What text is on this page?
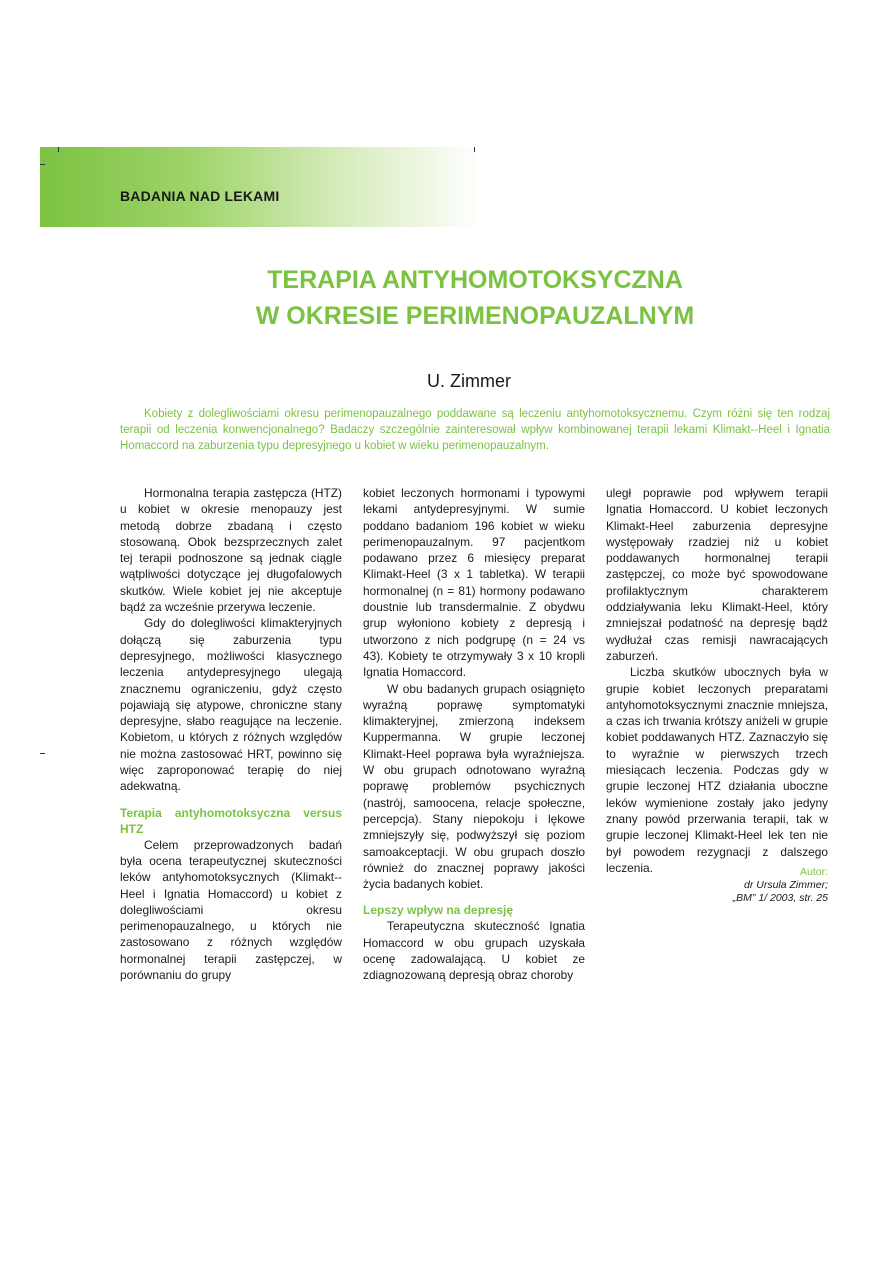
BADANIA NAD LEKAMI
TERAPIA ANTYHOMOTOKSYCZNA
W OKRESIE PERIMENOPAUZALNYM
U. Zimmer

Kobiety z dolegliwościami okresu perimenopauzalnego poddawane są leczeniu antyhomotoksycznemu. Czym różni się ten rodzaj terapii od leczenia konwencjonalnego? Badaczy szczególnie zainteresował wpływ kombinowanej terapii lekami Klimakt--Heel i Ignatia Homaccord na zaburzenia typu depresyjnego u kobiet w wieku perimenopauzalnym.

Hormonalna terapia zastępcza (HTZ) u kobiet w okresie menopauzy jest metodą dobrze zbadaną i często stosowaną. Obok bezsprzecznych zalet tej terapii podnoszone są jednak ciągle wątpliwości dotyczące jej długofalowych skutków. Wiele kobiet jej nie akceptuje bądź za wcześnie przerywa leczenie.

Gdy do dolegliwości klimakteryjnych dołączą się zaburzenia typu depresyjnego, możliwości klasycznego leczenia antydepresyjnego ulegają znacznemu ograniczeniu, gdyż często pojawiają się atypowe, chroniczne stany depresyjne, słabo reagujące na leczenie. Kobietom, u których z różnych względów nie można zastosować HRT, powinno się więc zaproponować terapię do niej adekwatną.

Terapia antyhomotoksyczna versus HTZ

Celem przeprowadzonych badań była ocena terapeutycznej skuteczności leków antyhomotoksycznych (Klimakt--Heel i Ignatia Homaccord) u kobiet z dolegliwościami okresu perimenopauzalnego, u których nie zastosowano z różnych względów hormonalnej terapii zastępczej, w porównaniu do grupy

kobiet leczonych hormonami i typowymi lekami antydepresyjnymi. W sumie poddano badaniom 196 kobiet w wieku perimenopauzalnym. 97 pacjentkom podawano przez 6 miesięcy preparat Klimakt-Heel (3 x 1 tabletka). W terapii hormonalnej (n = 81) hormony podawano doustnie lub transdermalnie. Z obydwu grup wyłoniono kobiety z depresją i utworzono z nich podgrupę (n = 24 vs 43). Kobiety te otrzymywały 3 x 10 kropli Ignatia Homaccord.

W obu badanych grupach osiągnięto wyraźną poprawę symptomatyki klimakteryjnej, zmierzoną indeksem Kuppermanna. W grupie leczonej Klimakt-Heel poprawa była wyraźniejsza. W obu grupach odnotowano wyraźną poprawę problemów psychicznych (nastrój, samoocena, relacje społeczne, percepcja). Stany niepokoju i lękowe zmniejszyły się, podwyższył się poziom samoakceptacji. W obu grupach doszło również do znacznej poprawy jakości życia badanych kobiet.

Lepszy wpływ na depresję

Terapeutyczna skuteczność Ignatia Homaccord w obu grupach uzyskała ocenę zadowalającą. U kobiet ze zdiagnozowaną depresją obraz choroby

uległ poprawie pod wpływem terapii Ignatia Homaccord. U kobiet leczonych Klimakt-Heel zaburzenia depresyjne występowały rzadziej niż u kobiet poddawanych hormonalnej terapii zastępczej, co może być spowodowane profilaktycznym charakterem oddziaływania leku Klimakt-Heel, który zmniejszał podatność na depresję bądź wydłużał czas remisji nawracających zaburzeń.

Liczba skutków ubocznych była w grupie kobiet leczonych preparatami antyhomotoksycznymi znacznie mniejsza, a czas ich trwania krótszy aniżeli w grupie kobiet poddawanych HTZ. Zaznaczyło się to wyraźnie w pierwszych trzech miesiącach leczenia. Podczas gdy w grupie leczonej HTZ działania uboczne leków wymienione zostały jako jedyny znany powód przerwania terapii, tak w grupie leczonej Klimakt-Heel lek ten nie był powodem rezygnacji z dalszego leczenia.	Autor:
dr Ursula Zimmer;
„BM” 1/ 2003, str. 25
